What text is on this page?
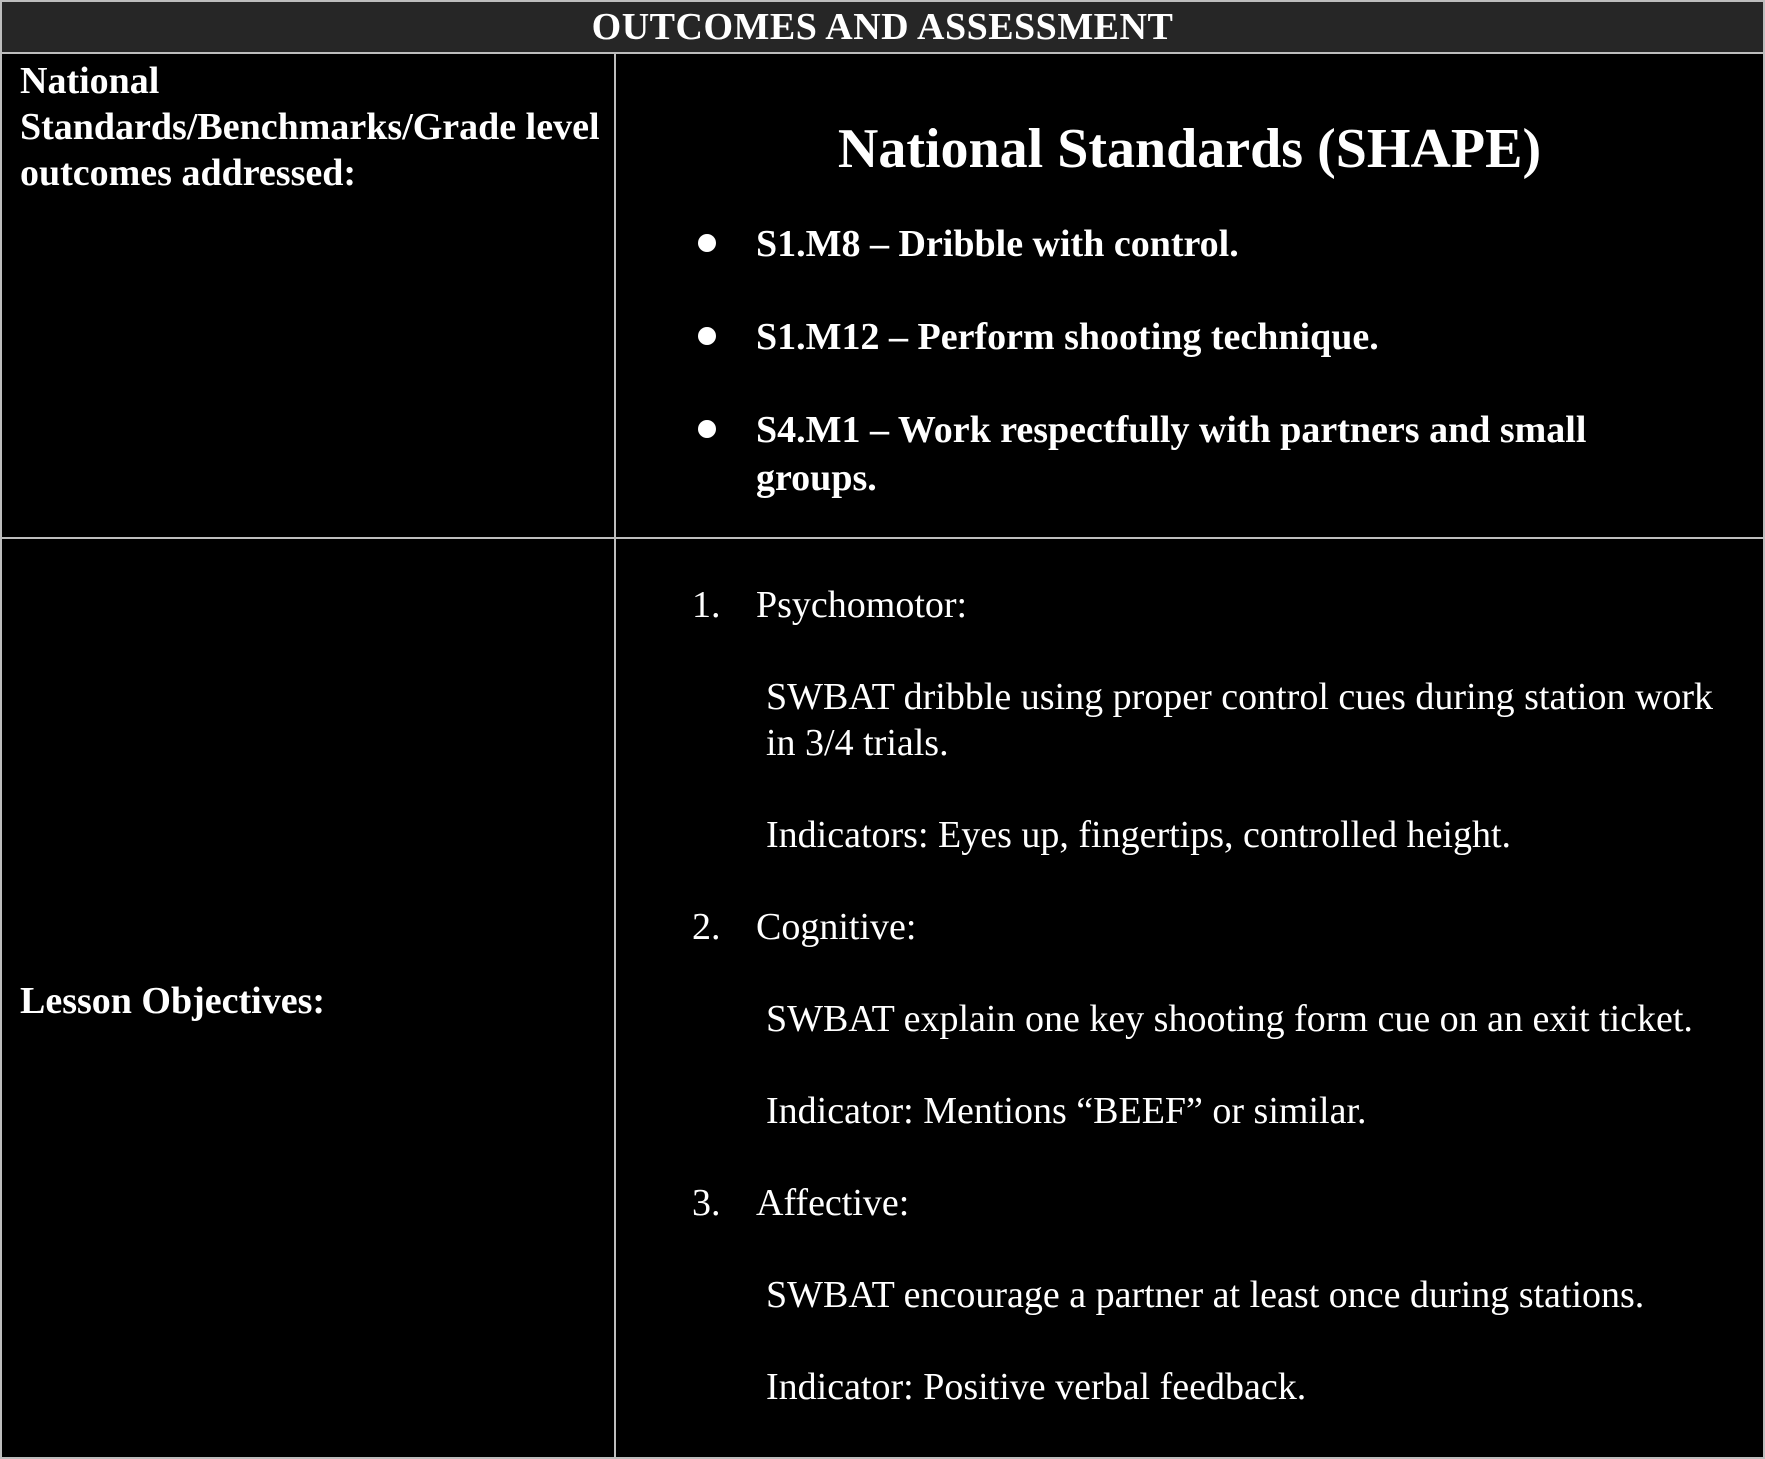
OUTCOMES AND ASSESSMENT
National Standards/Benchmarks/Grade level outcomes addressed:	National Standards (SHAPE)
S1.M8 – Dribble with control.
S1.M12 – Perform shooting technique.
S4.M1 – Work respectfully with partners and small groups.
Lesson Objectives:
1. Psychomotor:
SWBAT dribble using proper control cues during station work in 3/4 trials.
Indicators: Eyes up, fingertips, controlled height.
2. Cognitive:
SWBAT explain one key shooting form cue on an exit ticket.
Indicator: Mentions “BEEF” or similar.
3. Affective:
SWBAT encourage a partner at least once during stations.
Indicator: Positive verbal feedback.
